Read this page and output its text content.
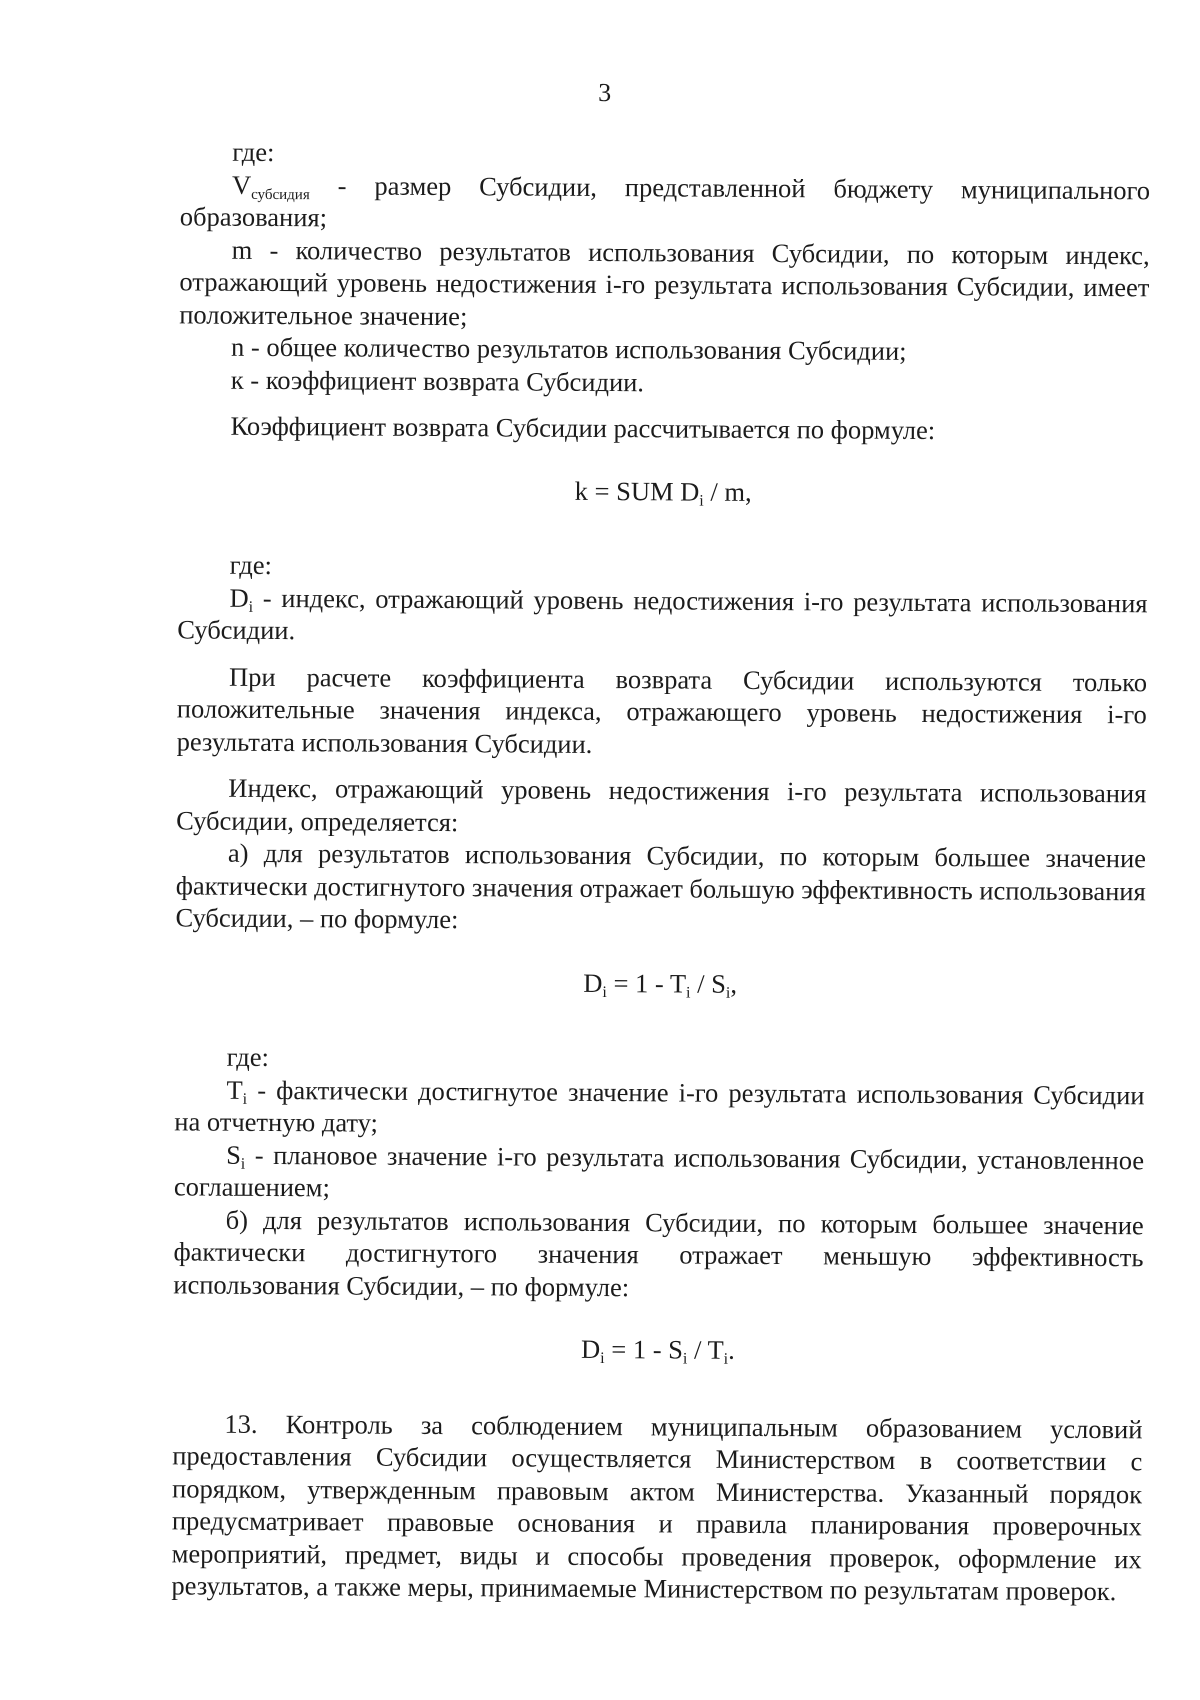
3

где:

Vсубсидия - размер Субсидии, представленной бюджету муниципального образования;

m - количество результатов использования Субсидии, по которым индекс, отражающий уровень недостижения i-го результата использования Субсидии, имеет положительное значение;

n - общее количество результатов использования Субсидии;

к - коэффициент возврата Субсидии.

Коэффициент возврата Субсидии рассчитывается по формуле:

k = SUM $D_i$ / m,

где:

$D_i$ - индекс, отражающий уровень недостижения i-го результата использования Субсидии.

При расчете коэффициента возврата Субсидии используются только положительные значения индекса, отражающего уровень недостижения i-го результата использования Субсидии.

Индекс, отражающий уровень недостижения i-го результата использования Субсидии, определяется:

а) для результатов использования Субсидии, по которым большее значение фактически достигнутого значения отражает большую эффективность использования Субсидии, – по формуле:

$D_i = 1 - T_i / S_i$,

где:

$T_i$ - фактически достигнутое значение i-го результата использования Субсидии на отчетную дату;

$S_i$ - плановое значение i-го результата использования Субсидии, установленное соглашением;

б) для результатов использования Субсидии, по которым большее значение фактически достигнутого значения отражает меньшую эффективность использования Субсидии, – по формуле:

$D_i = 1 - S_i / T_i$.

13. Контроль за соблюдением муниципальным образованием условий предоставления Субсидии осуществляется Министерством в соответствии с порядком, утвержденным правовым актом Министерства. Указанный порядок предусматривает правовые основания и правила планирования проверочных мероприятий, предмет, виды и способы проведения проверок, оформление их результатов, а также меры, принимаемые Министерством по результатам проверок.
